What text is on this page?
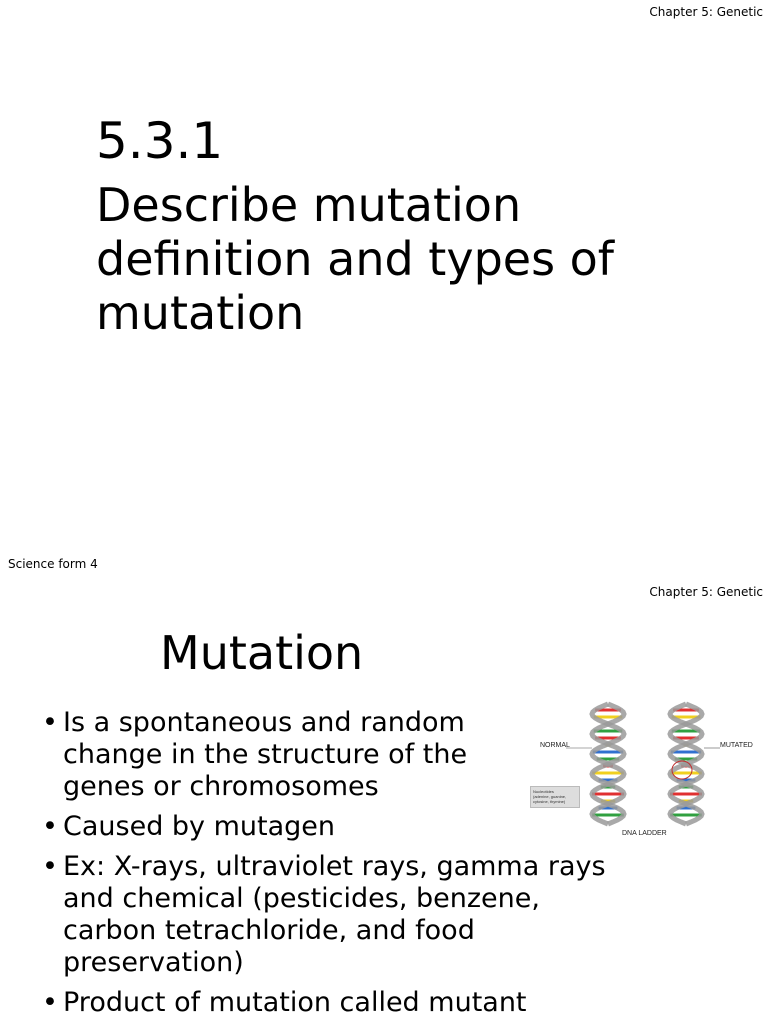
Chapter 5: Genetic
5.3.1
Describe mutation definition and types of mutation
Science form 4
Chapter 5: Genetic
Mutation
• Is a spontaneous and random change in the structure of the genes or chromosomes
• Caused by mutagen
• Ex: X-rays, ultraviolet rays, gamma rays and chemical (pesticides, benzene, carbon tetrachloride, and food preservation)
• Product of mutation called mutant
NORMAL	MUTATED
DNA LADDER
Nucleotides
(adenine, guanine, cytosine, thymine)
